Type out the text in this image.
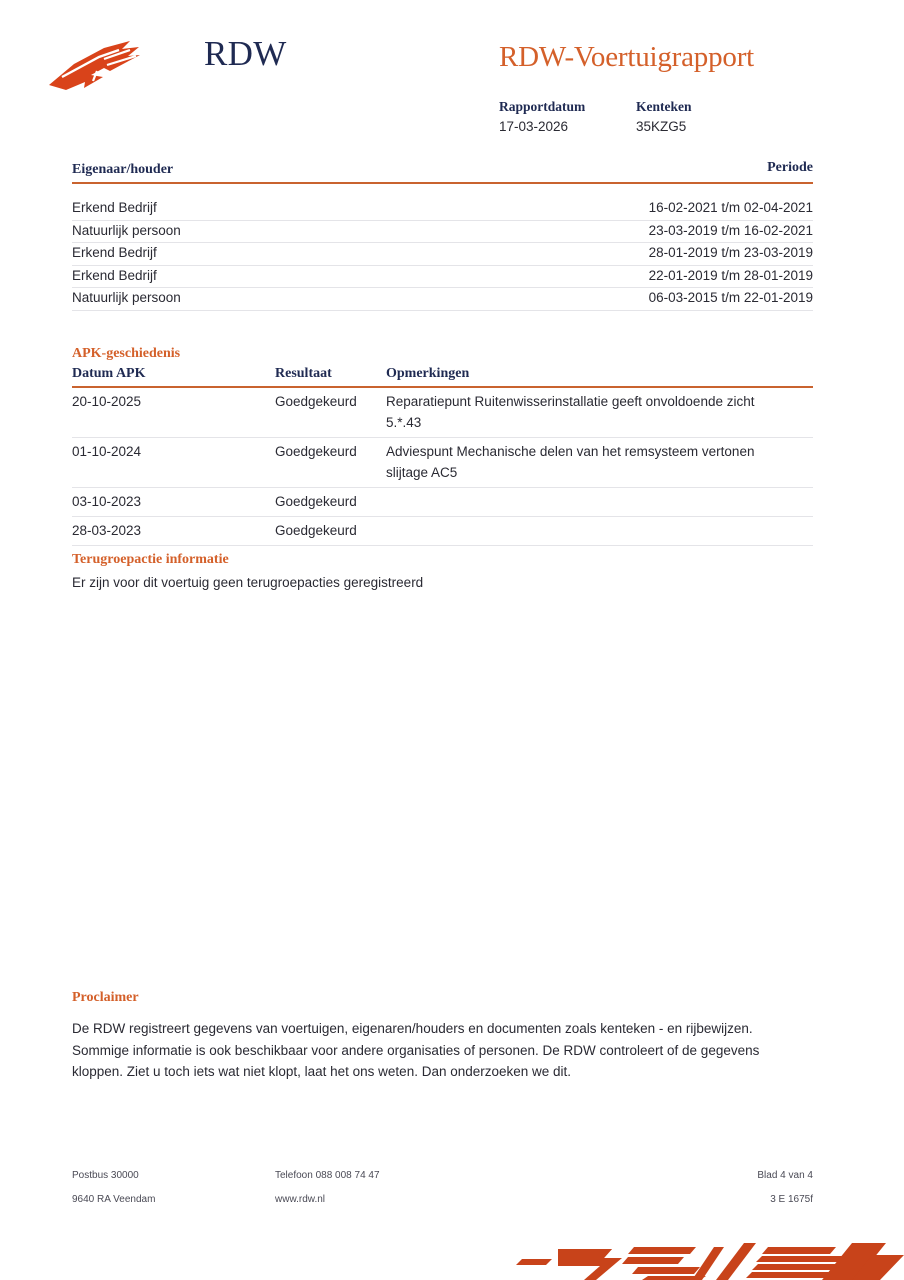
RDW	RDW-Voertuigrapport
Rapportdatum
17-03-2026
Kenteken
35KZG5
Eigenaar/houder	Periode
Erkend Bedrijf	16-02-2021 t/m 02-04-2021
Natuurlijk persoon	23-03-2019 t/m 16-02-2021
Erkend Bedrijf	28-01-2019 t/m 23-03-2019
Erkend Bedrijf	22-01-2019 t/m 28-01-2019
Natuurlijk persoon	06-03-2015 t/m 22-01-2019
APK-geschiedenis
Datum APK	Resultaat	Opmerkingen
20-10-2025	Goedgekeurd Reparatiepunt Ruitenwisserinstallatie geeft onvoldoende zicht
5.*.43
01-10-2024	Goedgekeurd Adviespunt Mechanische delen van het remsysteem vertonen
slijtage AC5
03-10-2023	Goedgekeurd
28-03-2023	Goedgekeurd
Terugroepactie informatie
Er zijn voor dit voertuig geen terugroepacties geregistreerd
Proclaimer
De RDW registreert gegevens van voertuigen, eigenaren/houders en documenten zoals kenteken - en rijbewijzen.
Sommige informatie is ook beschikbaar voor andere organisaties of personen. De RDW controleert of de gegevens
kloppen. Ziet u toch iets wat niet klopt, laat het ons weten. Dan onderzoeken we dit.
Postbus 30000	Telefoon 088 008 74 47	Blad 4 van 4
9640 RA Veendam	www.rdw.nl	3 E 1675f
